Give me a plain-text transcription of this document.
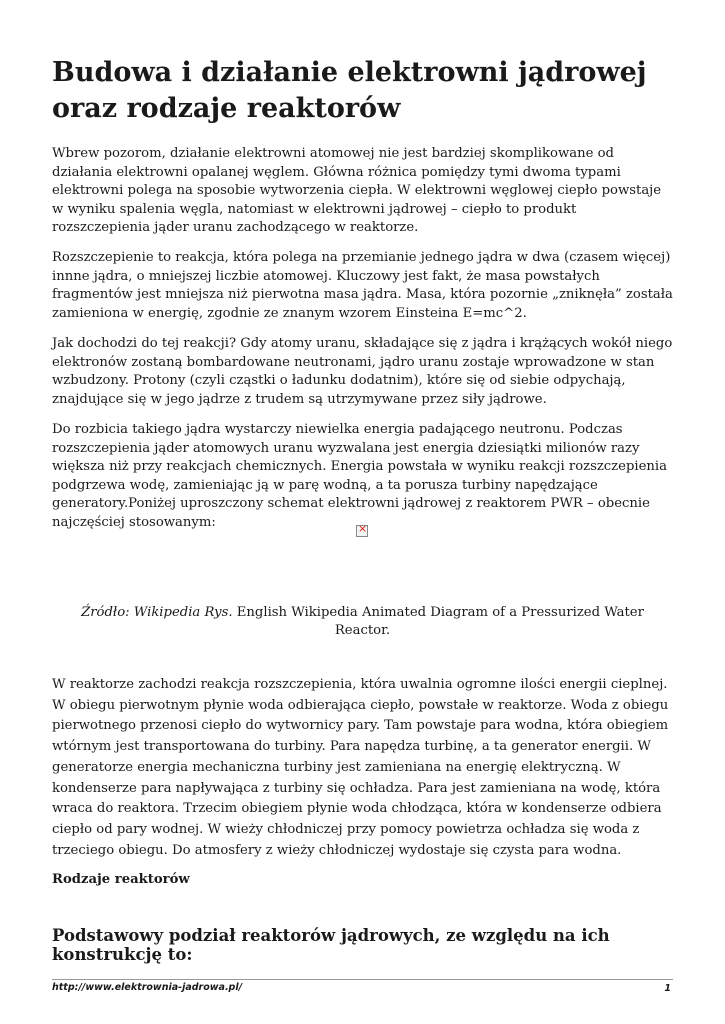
Budowa i działanie elektrowni jądrowej oraz rodzaje reaktorów

Wbrew pozorom, działanie elektrowni atomowej nie jest bardziej skomplikowane od działania elektrowni opalanej węglem. Główna różnica pomiędzy tymi dwoma typami elektrowni polega na sposobie wytworzenia ciepła. W elektrowni węglowej ciepło powstaje w wyniku spalenia węgla, natomiast w elektrowni jądrowej – ciepło to produkt rozszczepienia jąder uranu zachodzącego w reaktorze.

Rozszczepienie to reakcja, która polega na przemianie jednego jądra w dwa (czasem więcej) innne jądra, o mniejszej liczbie atomowej. Kluczowy jest fakt, że masa powstałych fragmentów jest mniejsza niż pierwotna masa jądra. Masa, która pozornie „zniknęła” została zamieniona w energię, zgodnie ze znanym wzorem Einsteina E=mc^2.

Jak dochodzi do tej reakcji? Gdy atomy uranu, składające się z jądra i krążących wokół niego elektronów zostaną bombardowane neutronami, jądro uranu zostaje wprowadzone w stan wzbudzony. Protony (czyli cząstki o ładunku dodatnim), które się od siebie odpychają, znajdujące się w jego jądrze z trudem są utrzymywane przez siły jądrowe.

Do rozbicia takiego jądra wystarczy niewielka energia padającego neutronu. Podczas rozszczepienia jąder atomowych uranu wyzwalana jest energia dziesiątki milionów razy większa niż przy reakcjach chemicznych. Energia powstała w wyniku reakcji rozszczepienia podgrzewa wodę, zamieniając ją w parę wodną, a ta porusza turbiny napędzające generatory.Poniżej uproszczony schemat elektrowni jądrowej z reaktorem PWR – obecnie najczęściej stosowanym:

×
Źródło: Wikipedia Rys. English Wikipedia Animated Diagram of a Pressurized Water Reactor.

W reaktorze zachodzi reakcja rozszczepienia, która uwalnia ogromne ilości energii cieplnej. W obiegu pierwotnym płynie woda odbierająca ciepło, powstałe w reaktorze. Woda z obiegu pierwotnego przenosi ciepło do wytwornicy pary. Tam powstaje para wodna, która obiegiem wtórnym jest transportowana do turbiny. Para napędza turbinę, a ta generator energii. W generatorze energia mechaniczna turbiny jest zamieniana na energię elektryczną. W kondenserze para napływająca z turbiny się ochładza. Para jest zamieniana na wodę, która wraca do reaktora. Trzecim obiegiem płynie woda chłodząca, która w kondenserze odbiera ciepło od pary wodnej. W wieży chłodniczej przy pomocy powietrza ochładza się woda z trzeciego obiegu. Do atmosfery z wieży chłodniczej wydostaje się czysta para wodna.

Rodzaje reaktorów

Podstawowy podział reaktorów jądrowych, ze względu na ich konstrukcję to:

http://www.elektrownia-jadrowa.pl/	1
